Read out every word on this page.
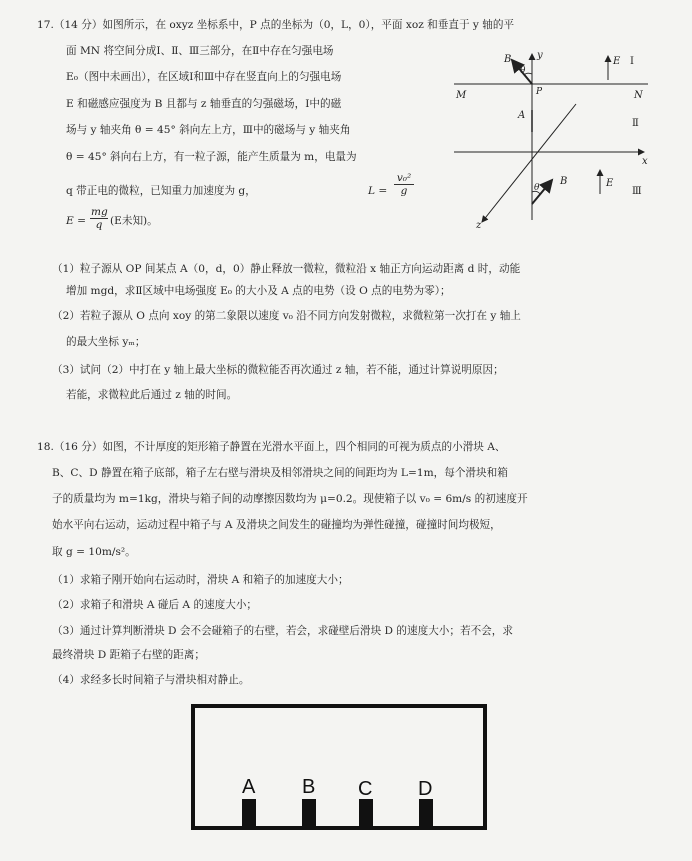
17.（14 分）如图所示，在 oxyz 坐标系中，P 点的坐标为（0，L，0），平面 xoz 和垂直于 y 轴的平

面 MN 将空间分成Ⅰ、Ⅱ、Ⅲ三部分，在Ⅱ中存在匀强电场

E₀（图中未画出），在区域Ⅰ和Ⅲ中存在竖直向上的匀强电场

E 和磁感应强度为 B 且都与 z 轴垂直的匀强磁场，Ⅰ中的磁

场与 y 轴夹角 θ = 45° 斜向左上方，Ⅲ中的磁场与 y 轴夹角

θ = 45° 斜向右上方，有一粒子源，能产生质量为 m，电量为

q 带正电的微粒，已知重力加速度为 g，	$L = \frac{\text{v₀²}}{g}$
$E = \frac{mg}{q} (E$未知)。
B
θ
y
E Ⅰ
M	P	N
A
Ⅱ
x
θ
B	E
Ⅲ
z

（1）粒子源从 OP 间某点 A（0，d，0）静止释放一微粒，微粒沿 x 轴正方向运动距离 d 时，动能

增加 mgd，求Ⅱ区域中电场强度 E₀ 的大小及 A 点的电势（设 O 点的电势为零）；

（2）若粒子源从 O 点向 xoy 的第二象限以速度 v₀ 沿不同方向发射微粒，求微粒第一次打在 y 轴上

的最大坐标 yₘ；

（3）试问（2）中打在 y 轴上最大坐标的微粒能否再次通过 z 轴，若不能，通过计算说明原因；

若能，求微粒此后通过 z 轴的时间。

18.（16 分）如图，不计厚度的矩形箱子静置在光滑水平面上，四个相同的可视为质点的小滑块 A、

B、C、D 静置在箱子底部，箱子左右壁与滑块及相邻滑块之间的间距均为 L=1m，每个滑块和箱

子的质量均为 m=1kg，滑块与箱子间的动摩擦因数均为 μ=0.2。现使箱子以 v₀ = 6m/s 的初速度开

始水平向右运动，运动过程中箱子与 A 及滑块之间发生的碰撞均为弹性碰撞，碰撞时间均极短，

取 g = 10m/s²。

（1）求箱子刚开始向右运动时，滑块 A 和箱子的加速度大小；

（2）求箱子和滑块 A 碰后 A 的速度大小；

（3）通过计算判断滑块 D 会不会碰箱子的右壁，若会，求碰壁后滑块 D 的速度大小；若不会，求

最终滑块 D 距箱子右壁的距离；

（4）求经多长时间箱子与滑块相对静止。

A B C D
